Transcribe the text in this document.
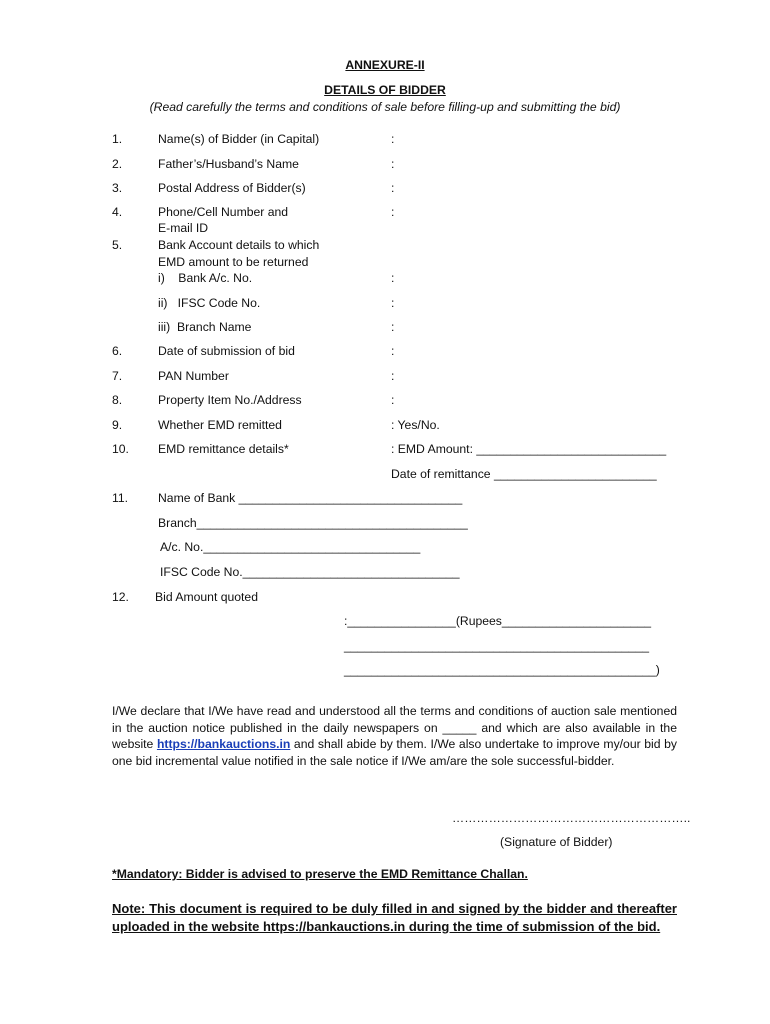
ANNEXURE-II
DETAILS OF BIDDER
(Read carefully the terms and conditions of sale before filling-up and submitting the bid)
1.	Name(s) of Bidder (in Capital)	:
2.	Father’s/Husband’s Name	:
3.	Postal Address of Bidder(s)	:
4.	Phone/Cell Number and
E-mail ID
:
5.	Bank Account details to which
EMD amount to be returned
i)    Bank A/c. No.	:
ii)   IFSC Code No.	:
iii)  Branch Name	:
6.	Date of submission of bid	:
7.	PAN Number	:
8.	Property Item No./Address	:
9.	Whether EMD remitted	: Yes/No.
10. EMD remittance details*	: EMD Amount: ____________________________
Date of remittance ________________________
11. Name of Bank _________________________________
Branch________________________________________
A/c. No.________________________________
IFSC Code No.________________________________
12. Bid Amount quoted
:________________(Rupees______________________
_____________________________________________
______________________________________________)
I/We declare that I/We have read and understood all the terms and conditions of auction sale mentioned in the auction notice published in the daily newspapers on _____ and which are also available in the website https://bankauctions.in and shall abide by them. I/We also undertake to improve my/our bid by one bid incremental value notified in the sale notice if I/We am/are the sole successful-bidder.
…………………………………………………..
(Signature of Bidder)
*Mandatory: Bidder is advised to preserve the EMD Remittance Challan.
Note: This document is required to be duly filled in and signed by the bidder and thereafter uploaded in the website https://bankauctions.in during the time of submission of the bid.
